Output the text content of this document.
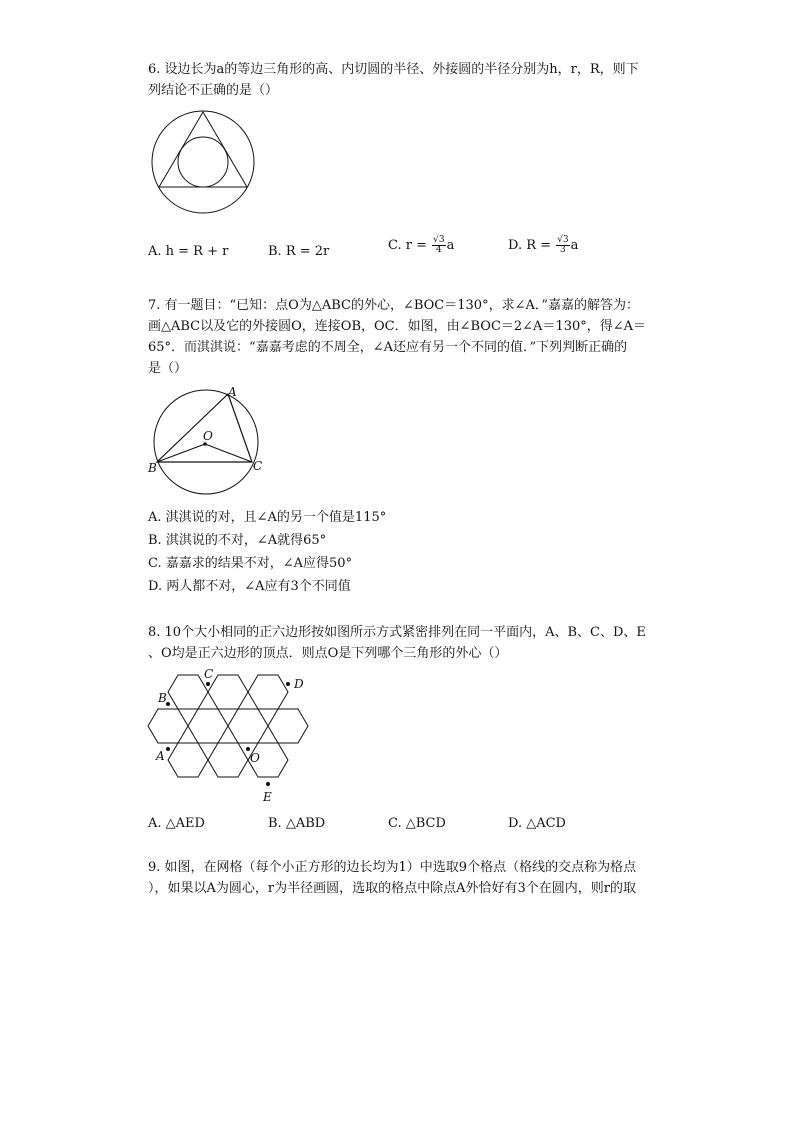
6. 设边长为a的等边三角形的高、内切圆的半径、外接圆的半径分别为h，r，R，则下
列结论不正确的是（）
A. h = R + r	B. R = 2r	C. $r = \frac{√3}{4}$ a	D. $R = \frac{√3}{3}$ a
7. 有一题目：“已知：点O为△ABC的外心，∠BOC＝130°，求∠A．”嘉嘉的解答为：
画△ABC以及它的外接圆O，连接OB，OC．如图，由∠BOC＝2∠A＝130°，得∠A＝
65°．而淇淇说：“嘉嘉考虑的不周全，∠A还应有另一个不同的值．”下列判断正确的
是（）
A
O
B	C
A. 淇淇说的对，且∠A的另一个值是115°
B. 淇淇说的不对，∠A就得65°
C. 嘉嘉求的结果不对，∠A应得50°
D. 两人都不对，∠A应有3个不同值
8. 10个大小相同的正六边形按如图所示方式紧密排列在同一平面内，A、B、C、D、E
、O均是正六边形的顶点．则点O是下列哪个三角形的外心（）
C
D
B
A	O
E
A. △AED	B. △ABD	C. △BCD	D. △ACD
9. 如图，在网格（每个小正方形的边长均为1）中选取9个格点（格线的交点称为格点
），如果以A为圆心，r为半径画圆，选取的格点中除点A外恰好有3个在圆内，则r的取
